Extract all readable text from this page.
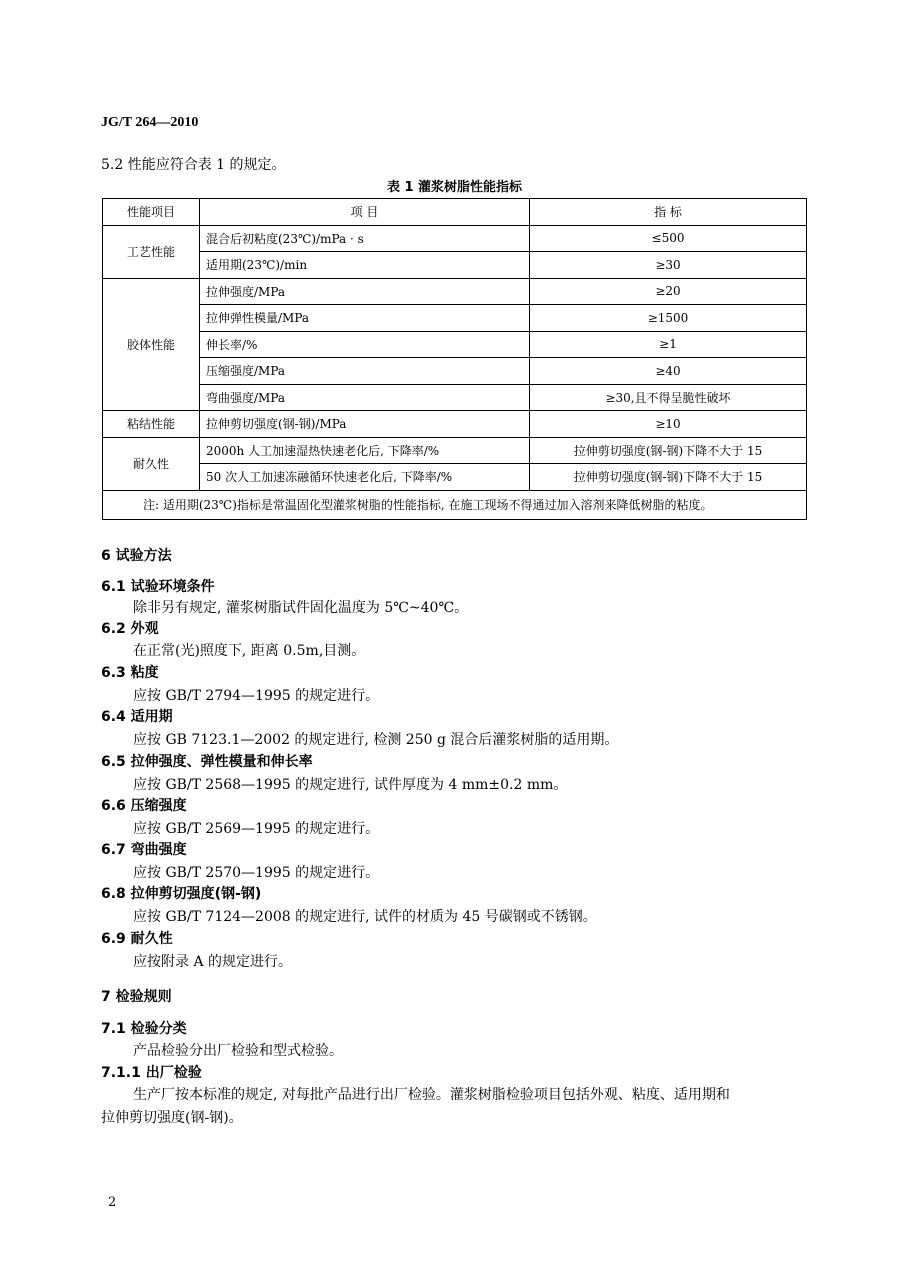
JG/T 264—2010
5.2 性能应符合表 1 的规定。
表 1 灌浆树脂性能指标
性能项目	项 目	指 标
工艺性能	混合后初粘度(23℃)/mPa · s	≤500
	适用期(23℃)/min	≥30
胶体性能	拉伸强度/MPa	≥20
	拉伸弹性模量/MPa	≥1500
	伸长率/%	≥1
	压缩强度/MPa	≥40
	弯曲强度/MPa	≥30,且不得呈脆性破坏
粘结性能	拉伸剪切强度(钢-钢)/MPa	≥10
耐久性	2000h 人工加速湿热快速老化后, 下降率/%	拉伸剪切强度(钢-钢)下降不大于 15
	50 次人工加速冻融循环快速老化后, 下降率/%	拉伸剪切强度(钢-钢)下降不大于 15
注: 适用期(23℃)指标是常温固化型灌浆树脂的性能指标, 在施工现场不得通过加入溶剂来降低树脂的粘度。		
6 试验方法
6.1 试验环境条件
除非另有规定, 灌浆树脂试件固化温度为 5℃~40℃。
6.2 外观
在正常(光)照度下, 距离 0.5m,目测。
6.3 粘度
应按 GB/T 2794—1995 的规定进行。
6.4 适用期
应按 GB 7123.1—2002 的规定进行, 检测 250 g 混合后灌浆树脂的适用期。
6.5 拉伸强度、弹性模量和伸长率
应按 GB/T 2568—1995 的规定进行, 试件厚度为 4 mm±0.2 mm。
6.6 压缩强度
应按 GB/T 2569—1995 的规定进行。
6.7 弯曲强度
应按 GB/T 2570—1995 的规定进行。
6.8 拉伸剪切强度(钢-钢)
应按 GB/T 7124—2008 的规定进行, 试件的材质为 45 号碳钢或不锈钢。
6.9 耐久性
应按附录 A 的规定进行。
7 检验规则
7.1 检验分类
产品检验分出厂检验和型式检验。
7.1.1 出厂检验
生产厂按本标准的规定, 对每批产品进行出厂检验。灌浆树脂检验项目包括外观、粘度、适用期和
拉伸剪切强度(钢-钢)。
2
